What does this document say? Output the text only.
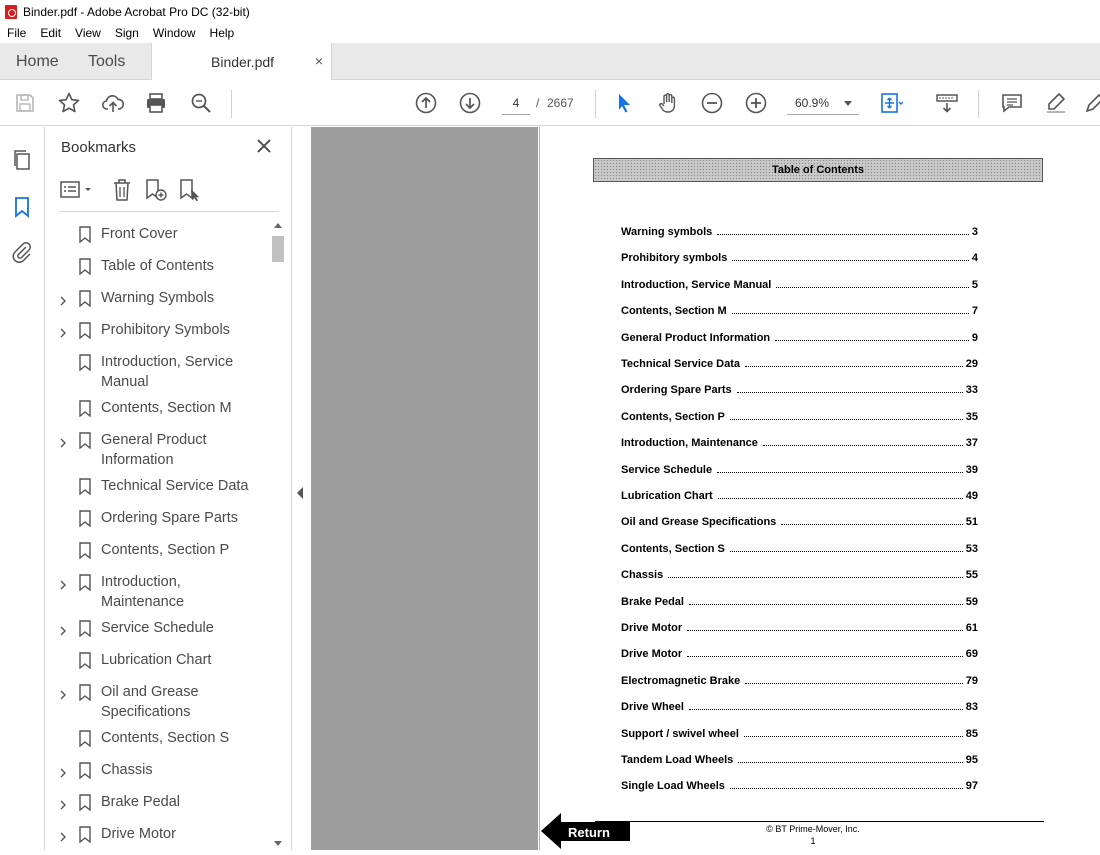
Binder.pdf - Adobe Acrobat Pro DC (32-bit)
File	Edit	View	Sign	Window	Help
Home Tools	Binder.pdf	×
4
/ 2667	60.9%
Bookmarks
Front Cover
Table of Contents
Warning Symbols
Prohibitory Symbols
Introduction, Service Manual
Contents, Section M
General Product Information
Technical Service Data
Ordering Spare Parts
Contents, Section P
Introduction, Maintenance
Service Schedule
Lubrication Chart
Oil and Grease Specifications
Contents, Section S
Chassis
Brake Pedal
Drive Motor
Table of Contents
Warning symbols	3
Prohibitory symbols	4
Introduction, Service Manual	5
Contents, Section M	7
General Product Information	9
Technical Service Data	29
Ordering Spare Parts	33
Contents, Section P	35
Introduction, Maintenance	37
Service Schedule	39
Lubrication Chart	49
Oil and Grease Specifications	51
Contents, Section S	53
Chassis	55
Brake Pedal	59
Drive Motor	61
Drive Motor	69
Electromagnetic Brake	79
Drive Wheel	83
Support / swivel wheel	85
Tandem Load Wheels	95
Single Load Wheels	97
Return	© BT Prime-Mover, Inc.
1
